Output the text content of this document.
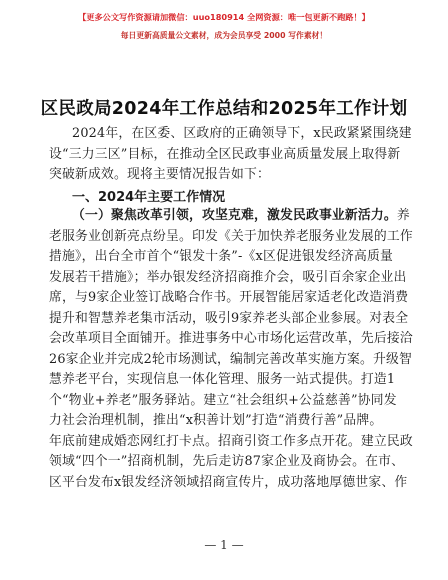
【更多公文写作资源请加微信：uuo180914 全网资源：唯一包更新不跑路！】
每日更新高质量公文素材，成为会员享受 2000 写作素材！
区民政局2024年工作总结和2025年工作计划
2024年，在区委、区政府的正确领导下，x民政紧紧围绕建
设“三力三区”目标，在推动全区民政事业高质量发展上取得新
突破新成效。现将主要情况报告如下：
一、2024年主要工作情况
（一）聚焦改革引领，攻坚克难，激发民政事业新活力。养
老服务业创新亮点纷呈。印发《关于加快养老服务业发展的工作
措施》，出台全市首个“银发十条”-《x区促进银发经济高质量
发展若干措施》；举办银发经济招商推介会，吸引百余家企业出
席，与9家企业签订战略合作书。开展智能居家适老化改造消费
提升和智慧养老集市活动，吸引9家养老头部企业参展。对表全
会改革项目全面铺开。推进事务中心市场化运营改革，先后接洽
26家企业并完成2轮市场测试，编制完善改革实施方案。升级智
慧养老平台，实现信息一体化管理、服务一站式提供。打造1
个“物业+养老”服务驿站。建立“社会组织+公益慈善”协同发
力社会治理机制，推出“x积善计划”打造“消费行善”品牌。
年底前建成婚恋网红打卡点。招商引资工作多点开花。建立民政
领域“四个一”招商机制，先后走访87家企业及商协会。在市、
区平台发布x银发经济领域招商宣传片，成功落地厚德世家、作
— 1 —
